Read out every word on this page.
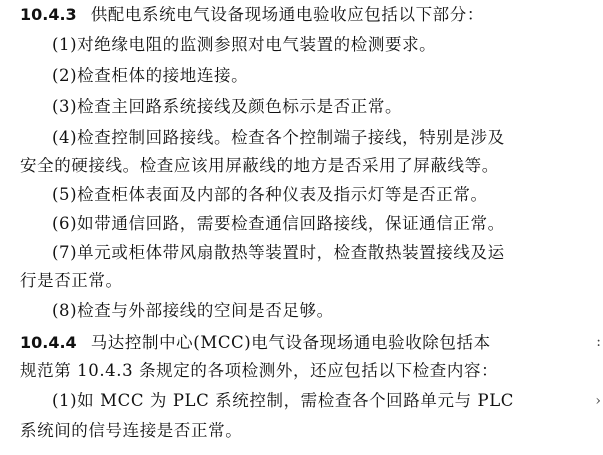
10.4.3 供配电系统电气设备现场通电验收应包括以下部分：
(1)对绝缘电阻的监测参照对电气装置的检测要求。
(2)检查柜体的接地连接。
(3)检查主回路系统接线及颜色标示是否正常。
(4)检查控制回路接线。检查各个控制端子接线，特别是涉及
安全的硬接线。检查应该用屏蔽线的地方是否采用了屏蔽线等。
(5)检查柜体表面及内部的各种仪表及指示灯等是否正常。
(6)如带通信回路，需要检查通信回路接线，保证通信正常。
(7)单元或柜体带风扇散热等装置时，检查散热装置接线及运
行是否正常。
(8)检查与外部接线的空间是否足够。
10.4.4 马达控制中心(MCC)电气设备现场通电验收除包括本
规范第 10.4.3 条规定的各项检测外，还应包括以下检查内容：
(1)如 MCC 为 PLC 系统控制，需检查各个回路单元与 PLC
系统间的信号连接是否正常。
:
›
